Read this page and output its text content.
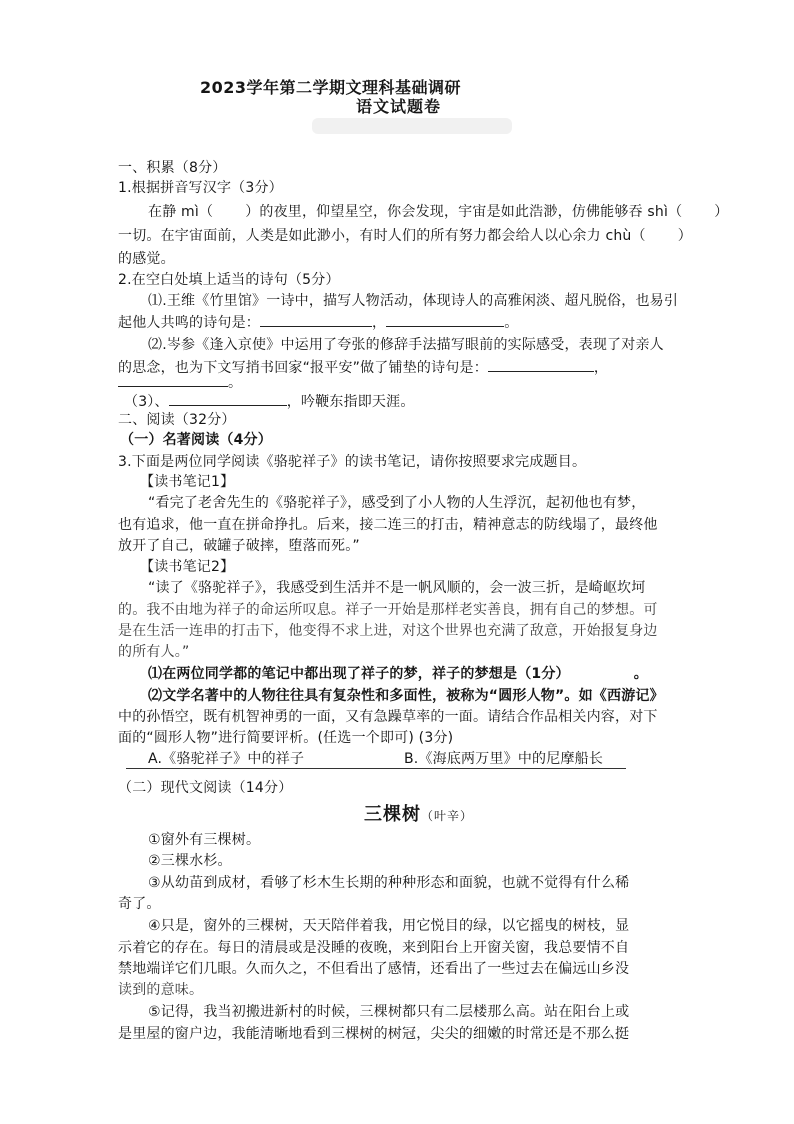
2023学年第二学期文理科基础调研
语文试题卷
一、积累（8分）
1.根据拼音写汉字（3分）
在静 mì（ ）的夜里，仰望星空，你会发现，宇宙是如此浩渺，仿佛能够吞 shì（ ）
一切。在宇宙面前，人类是如此渺小，有时人们的所有努力都会给人以心余力 chù（ ）
的感觉。
2.在空白处填上适当的诗句（5分）
⑴.王维《竹里馆》一诗中，描写人物活动，体现诗人的高雅闲淡、超凡脱俗，也易引
起他人共鸣的诗句是：	，	。
⑵.岑参《逢入京使》中运用了夸张的修辞手法描写眼前的实际感受，表现了对亲人
的思念，也为下文写捎书回家“报平安”做了铺垫的诗句是：	，
。
（3）、	，吟鞭东指即天涯。
二、阅读（32分）
（一）名著阅读（4分）
3.下面是两位同学阅读《骆驼祥子》的读书笔记，请你按照要求完成题目。
【读书笔记1】
“看完了老舍先生的《骆驼祥子》，感受到了小人物的人生浮沉，起初他也有梦，
也有追求，他一直在拼命挣扎。后来，接二连三的打击，精神意志的防线塌了，最终他
放开了自己，破罐子破摔，堕落而死。”
【读书笔记2】
“读了《骆驼祥子》，我感受到生活并不是一帆风顺的，会一波三折，是崎岖坎坷
的。我不由地为祥子的命运所叹息。祥子一开始是那样老实善良，拥有自己的梦想。可
是在生活一连串的打击下，他变得不求上进，对这个世界也充满了敌意，开始报复身边
的所有人。”
⑴在两位同学都的笔记中都出现了祥子的梦，祥子的梦想是（1分）	。
⑵文学名著中的人物往往具有复杂性和多面性，被称为“圆形人物”。如《西游记》
中的孙悟空，既有机智神勇的一面，又有急躁草率的一面。请结合作品相关内容，对下
面的“圆形人物”进行简要评析。(任选一个即可) (3分)
A.《骆驼祥子》中的祥子	B.《海底两万里》中的尼摩船长
（二）现代文阅读（14分）
三棵树（叶辛）
①窗外有三棵树。
②三棵水杉。
③从幼苗到成材，看够了杉木生长期的种种形态和面貌，也就不觉得有什么稀
奇了。
④只是，窗外的三棵树，天天陪伴着我，用它悦目的绿，以它摇曳的树枝，显
示着它的存在。每日的清晨或是没睡的夜晚，来到阳台上开窗关窗，我总要情不自
禁地端详它们几眼。久而久之，不但看出了感情，还看出了一些过去在偏远山乡没
读到的意味。
⑤记得，我当初搬进新村的时候，三棵树都只有二层楼那么高。站在阳台上或
是里屋的窗户边，我能清晰地看到三棵树的树冠，尖尖的细嫩的时常还是不那么挺
